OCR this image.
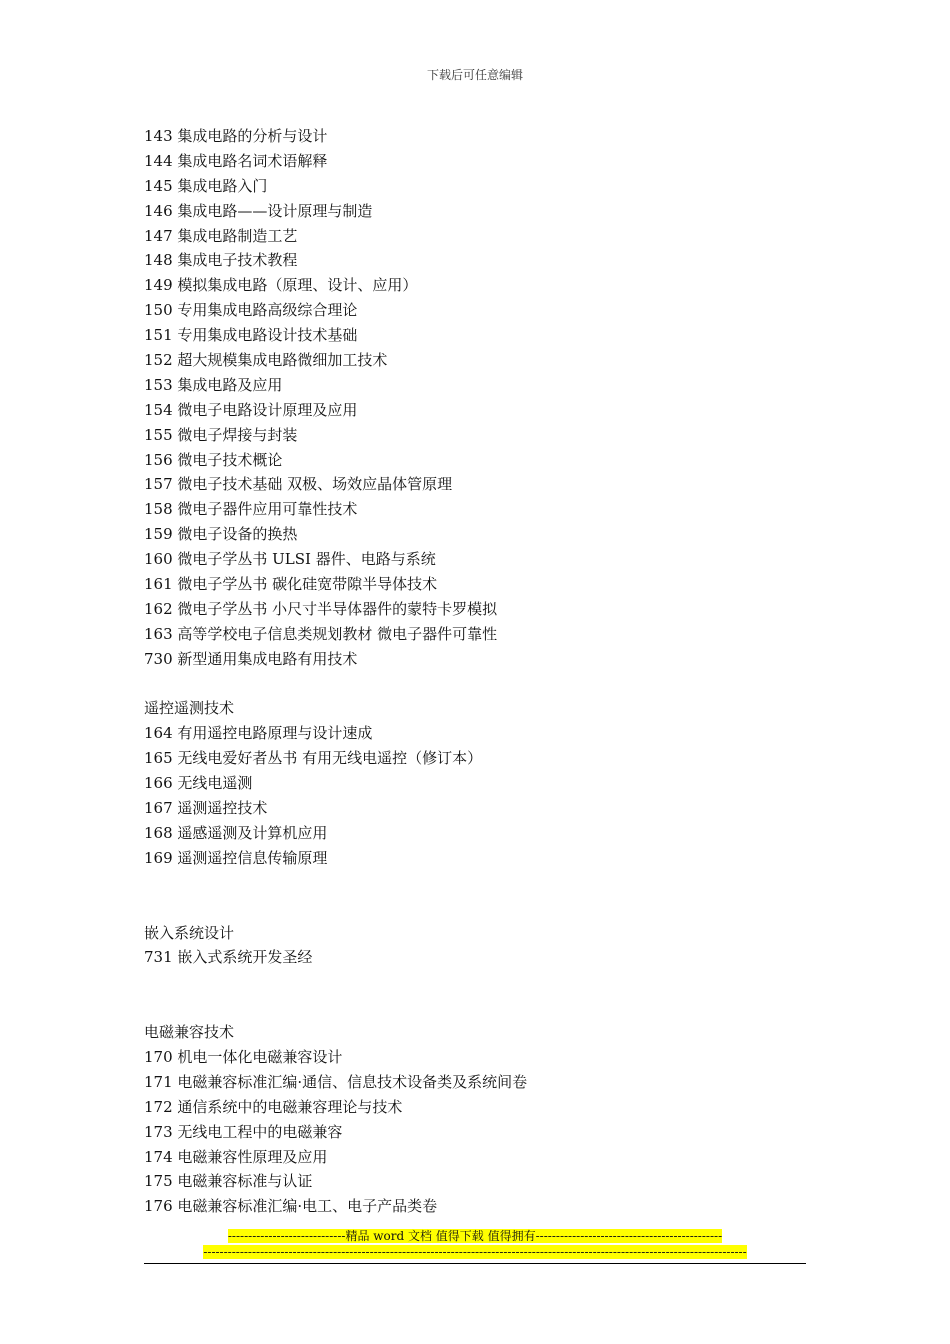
下载后可任意编辑
143 集成电路的分析与设计
144 集成电路名词术语解释
145 集成电路入门
146 集成电路——设计原理与制造
147 集成电路制造工艺
148 集成电子技术教程
149 模拟集成电路（原理、设计、应用）
150 专用集成电路高级综合理论
151 专用集成电路设计技术基础
152 超大规模集成电路微细加工技术
153 集成电路及应用
154 微电子电路设计原理及应用
155 微电子焊接与封装
156 微电子技术概论
157 微电子技术基础 双极、场效应晶体管原理
158 微电子器件应用可靠性技术
159 微电子设备的换热
160 微电子学丛书 ULSI 器件、电路与系统
161 微电子学丛书 碳化硅宽带隙半导体技术
162 微电子学丛书 小尺寸半导体器件的蒙特卡罗模拟
163 高等学校电子信息类规划教材 微电子器件可靠性
730 新型通用集成电路有用技术
遥控遥测技术
164 有用遥控电路原理与设计速成
165 无线电爱好者丛书 有用无线电遥控（修订本）
166 无线电遥测
167 遥测遥控技术
168 遥感遥测及计算机应用
169 遥测遥控信息传输原理
嵌入系统设计
731 嵌入式系统开发圣经
电磁兼容技术
170 机电一体化电磁兼容设计
171 电磁兼容标准汇编·通信、信息技术设备类及系统间卷
172 通信系统中的电磁兼容理论与技术
173 无线电工程中的电磁兼容
174 电磁兼容性原理及应用
175 电磁兼容标准与认证
176 电磁兼容标准汇编·电工、电子产品类卷
-----------------------------精品 word 文档 值得下载 值得拥有----------------------------------------------
--------------------------------------------------------------------------------------------------------------------------------------
